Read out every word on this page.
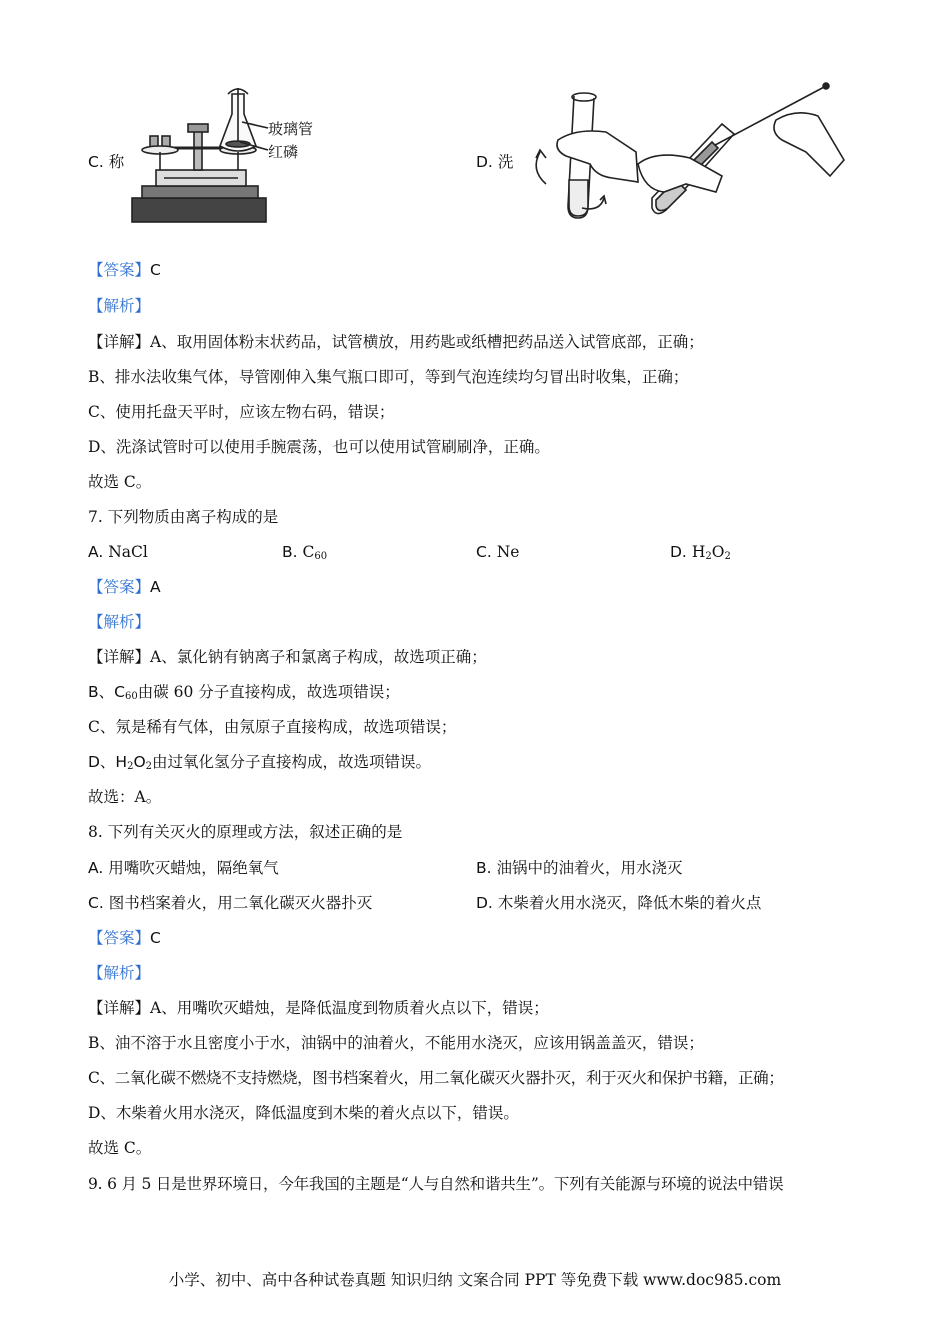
C. 称
玻璃管
红磷
D. 洗
【答案】C
【解析】
【详解】A、取用固体粉末状药品，试管横放，用药匙或纸槽把药品送入试管底部，正确；
B、排水法收集气体，导管刚伸入集气瓶口即可，等到气泡连续均匀冒出时收集，正确；
C、使用托盘天平时，应该左物右码，错误；
D、洗涤试管时可以使用手腕震荡，也可以使用试管刷刷净，正确。
故选 C。
7. 下列物质由离子构成的是
A. NaCl	B. $C_{60}$	C. Ne	D. $H_2O_2$
【答案】A
【解析】
【详解】A、氯化钠有钠离子和氯离子构成，故选项正确；
B、$C_{60}$由碳 60 分子直接构成，故选项错误；
C、氖是稀有气体，由氖原子直接构成，故选项错误；
D、$H_2O_2$由过氧化氢分子直接构成，故选项错误。
故选：A。
8. 下列有关灭火的原理或方法，叙述正确的是
A. 用嘴吹灭蜡烛，隔绝氧气	B. 油锅中的油着火，用水浇灭
C. 图书档案着火，用二氧化碳灭火器扑灭	D. 木柴着火用水浇灭，降低木柴的着火点
【答案】C
【解析】
【详解】A、用嘴吹灭蜡烛，是降低温度到物质着火点以下，错误；
B、油不溶于水且密度小于水，油锅中的油着火，不能用水浇灭，应该用锅盖盖灭，错误；
C、二氧化碳不燃烧不支持燃烧，图书档案着火，用二氧化碳灭火器扑灭，利于灭火和保护书籍，正确；
D、木柴着火用水浇灭，降低温度到木柴的着火点以下，错误。
故选 C。
9. 6 月 5 日是世界环境日，今年我国的主题是“人与自然和谐共生”。下列有关能源与环境的说法中错误
小学、初中、高中各种试卷真题 知识归纳 文案合同 PPT 等免费下载 www.doc985.com
